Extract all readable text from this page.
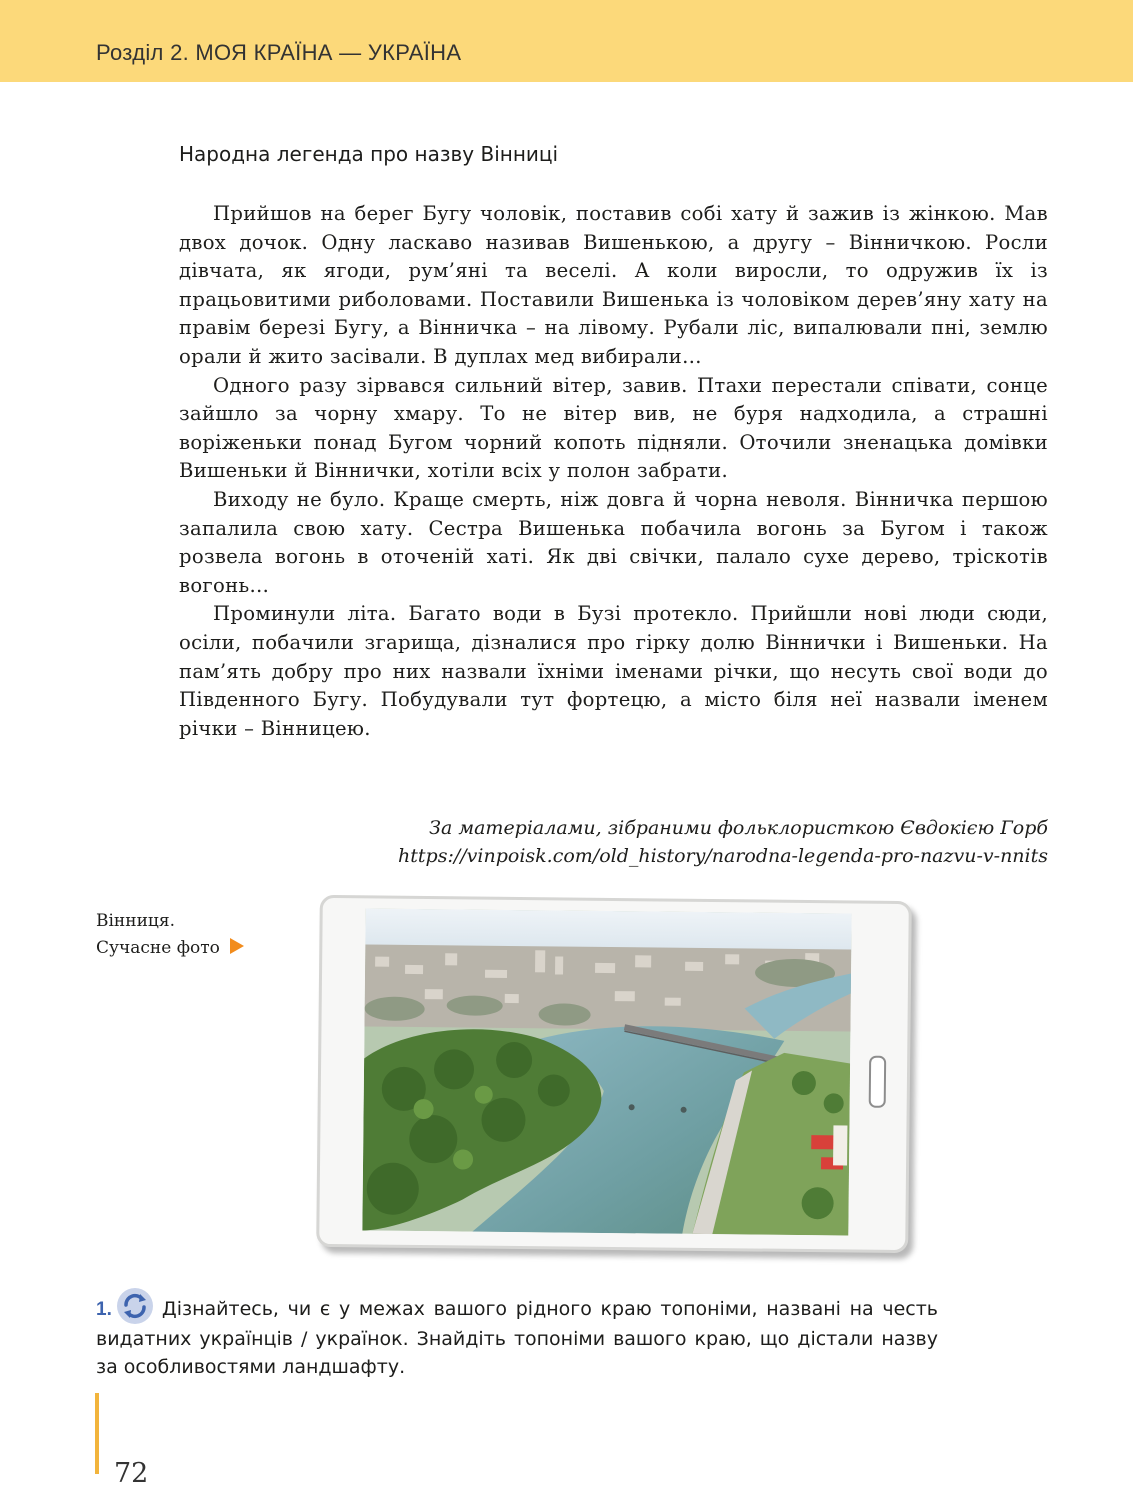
Розділ 2. МОЯ КРАЇНА — УКРАЇНА
Народна легенда про назву Вінниці

Прийшов на берег Бугу чоловік, поставив собі хату й зажив із жінкою. Мав двох дочок. Одну ласкаво називав Вишенькою, а другу – Вінничкою. Росли дівчата, як ягоди, рум’яні та веселі. А коли виросли, то одружив їх із працьовитими риболовами. Поставили Вишенька із чоловіком дерев’яну хату на правім березі Бугу, а Вінничка – на лівому. Рубали ліс, випалювали пні, землю орали й жито засівали. В дуплах мед вибирали…

Одного разу зірвався сильний вітер, завив. Птахи перестали співати, сонце зайшло за чорну хмару. То не вітер вив, не буря надходила, а страшні воріженьки понад Бугом чорний копоть підняли. Оточили зненацька домівки Вишеньки й Віннички, хотіли всіх у полон забрати.

Виходу не було. Краще смерть, ніж довга й чорна неволя. Вінничка першою запалила свою хату. Сестра Вишенька побачила вогонь за Бугом і також розвела вогонь в оточеній хаті. Як дві свічки, палало сухе дерево, тріскотів вогонь…

Проминули літа. Багато води в Бузі протекло. Прийшли нові люди сюди, осіли, побачили згарища, дізналися про гірку долю Віннички і Вишеньки. На пам’ять добру про них назвали їхніми іменами річки, що несуть свої води до Південного Бугу. Побудували тут фортецю, а місто біля неї назвали іменем річки – Вінницею.

За матеріалами, зібраними фольклористкою Євдокією Горб
https://vinpoisk.com/old_history/narodna-legenda-pro-nazvu-v-nnits
Вінниця.
Сучасне фото
1.	Дізнайтесь, чи є у межах вашого рідного краю топоніми, названі на честь видатних українців / українок. Знайдіть топоніми вашого краю, що дістали назву за особливостями ландшафту.
72
